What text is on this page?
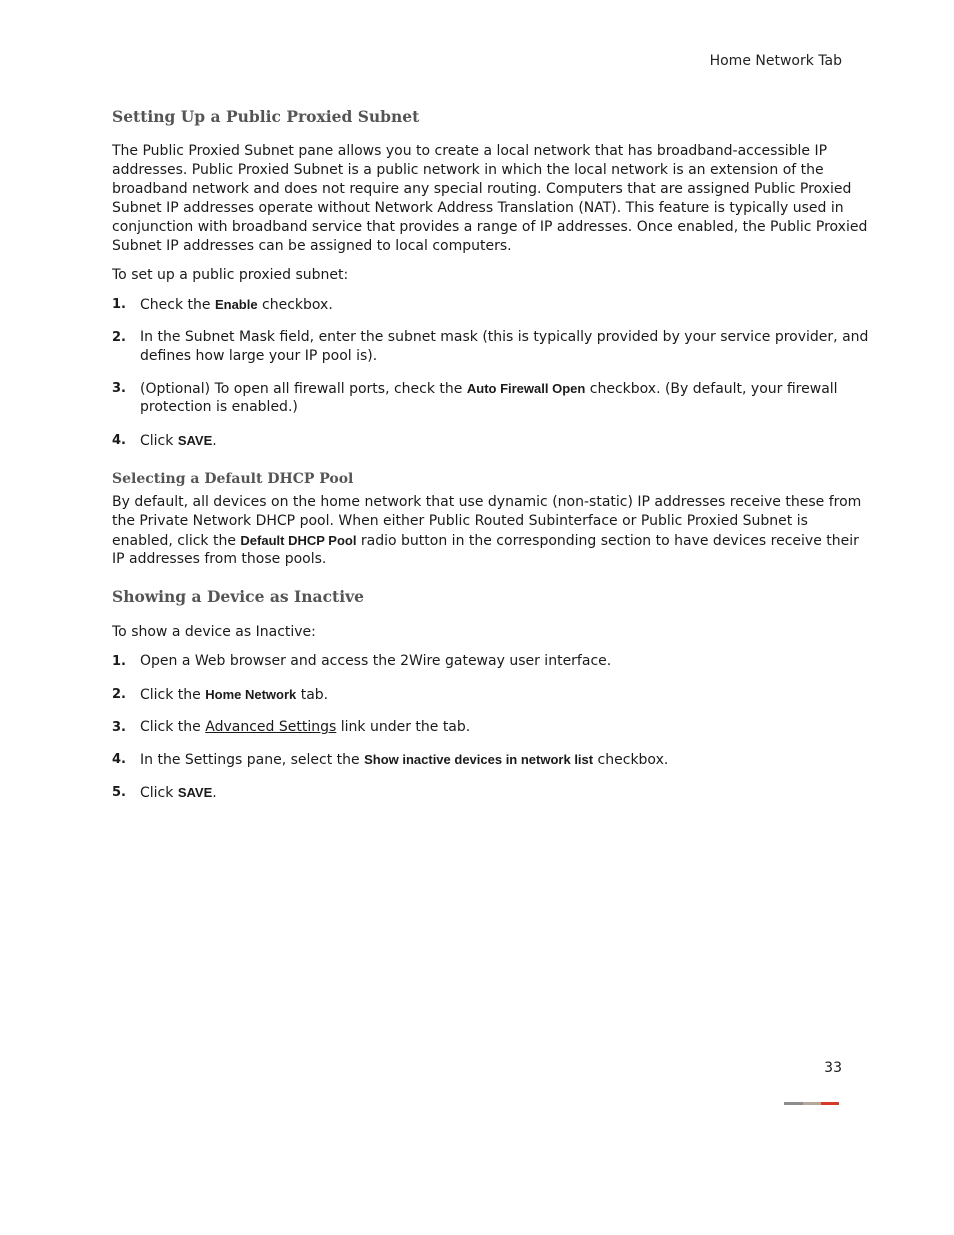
Home Network Tab
Setting Up a Public Proxied Subnet
The Public Proxied Subnet pane allows you to create a local network that has broadband-accessible IP
addresses. Public Proxied Subnet is a public network in which the local network is an extension of the
broadband network and does not require any special routing. Computers that are assigned Public Proxied
Subnet IP addresses operate without Network Address Translation (NAT). This feature is typically used in
conjunction with broadband service that provides a range of IP addresses. Once enabled, the Public Proxied
Subnet IP addresses can be assigned to local computers.
To set up a public proxied subnet:
1. Check the Enable checkbox.
2. In the Subnet Mask field, enter the subnet mask (this is typically provided by your service provider, and
defines how large your IP pool is).
3. (Optional) To open all firewall ports, check the Auto Firewall Open checkbox. (By default, your firewall
protection is enabled.)
4. Click SAVE.
Selecting a Default DHCP Pool
By default, all devices on the home network that use dynamic (non-static) IP addresses receive these from
the Private Network DHCP pool. When either Public Routed Subinterface or Public Proxied Subnet is
enabled, click the Default DHCP Pool radio button in the corresponding section to have devices receive their
IP addresses from those pools.
Showing a Device as Inactive
To show a device as Inactive:
1. Open a Web browser and access the 2Wire gateway user interface.
2. Click the Home Network tab.
3. Click the Advanced Settings link under the tab.
4. In the Settings pane, select the Show inactive devices in network list checkbox.
5. Click SAVE.
33
